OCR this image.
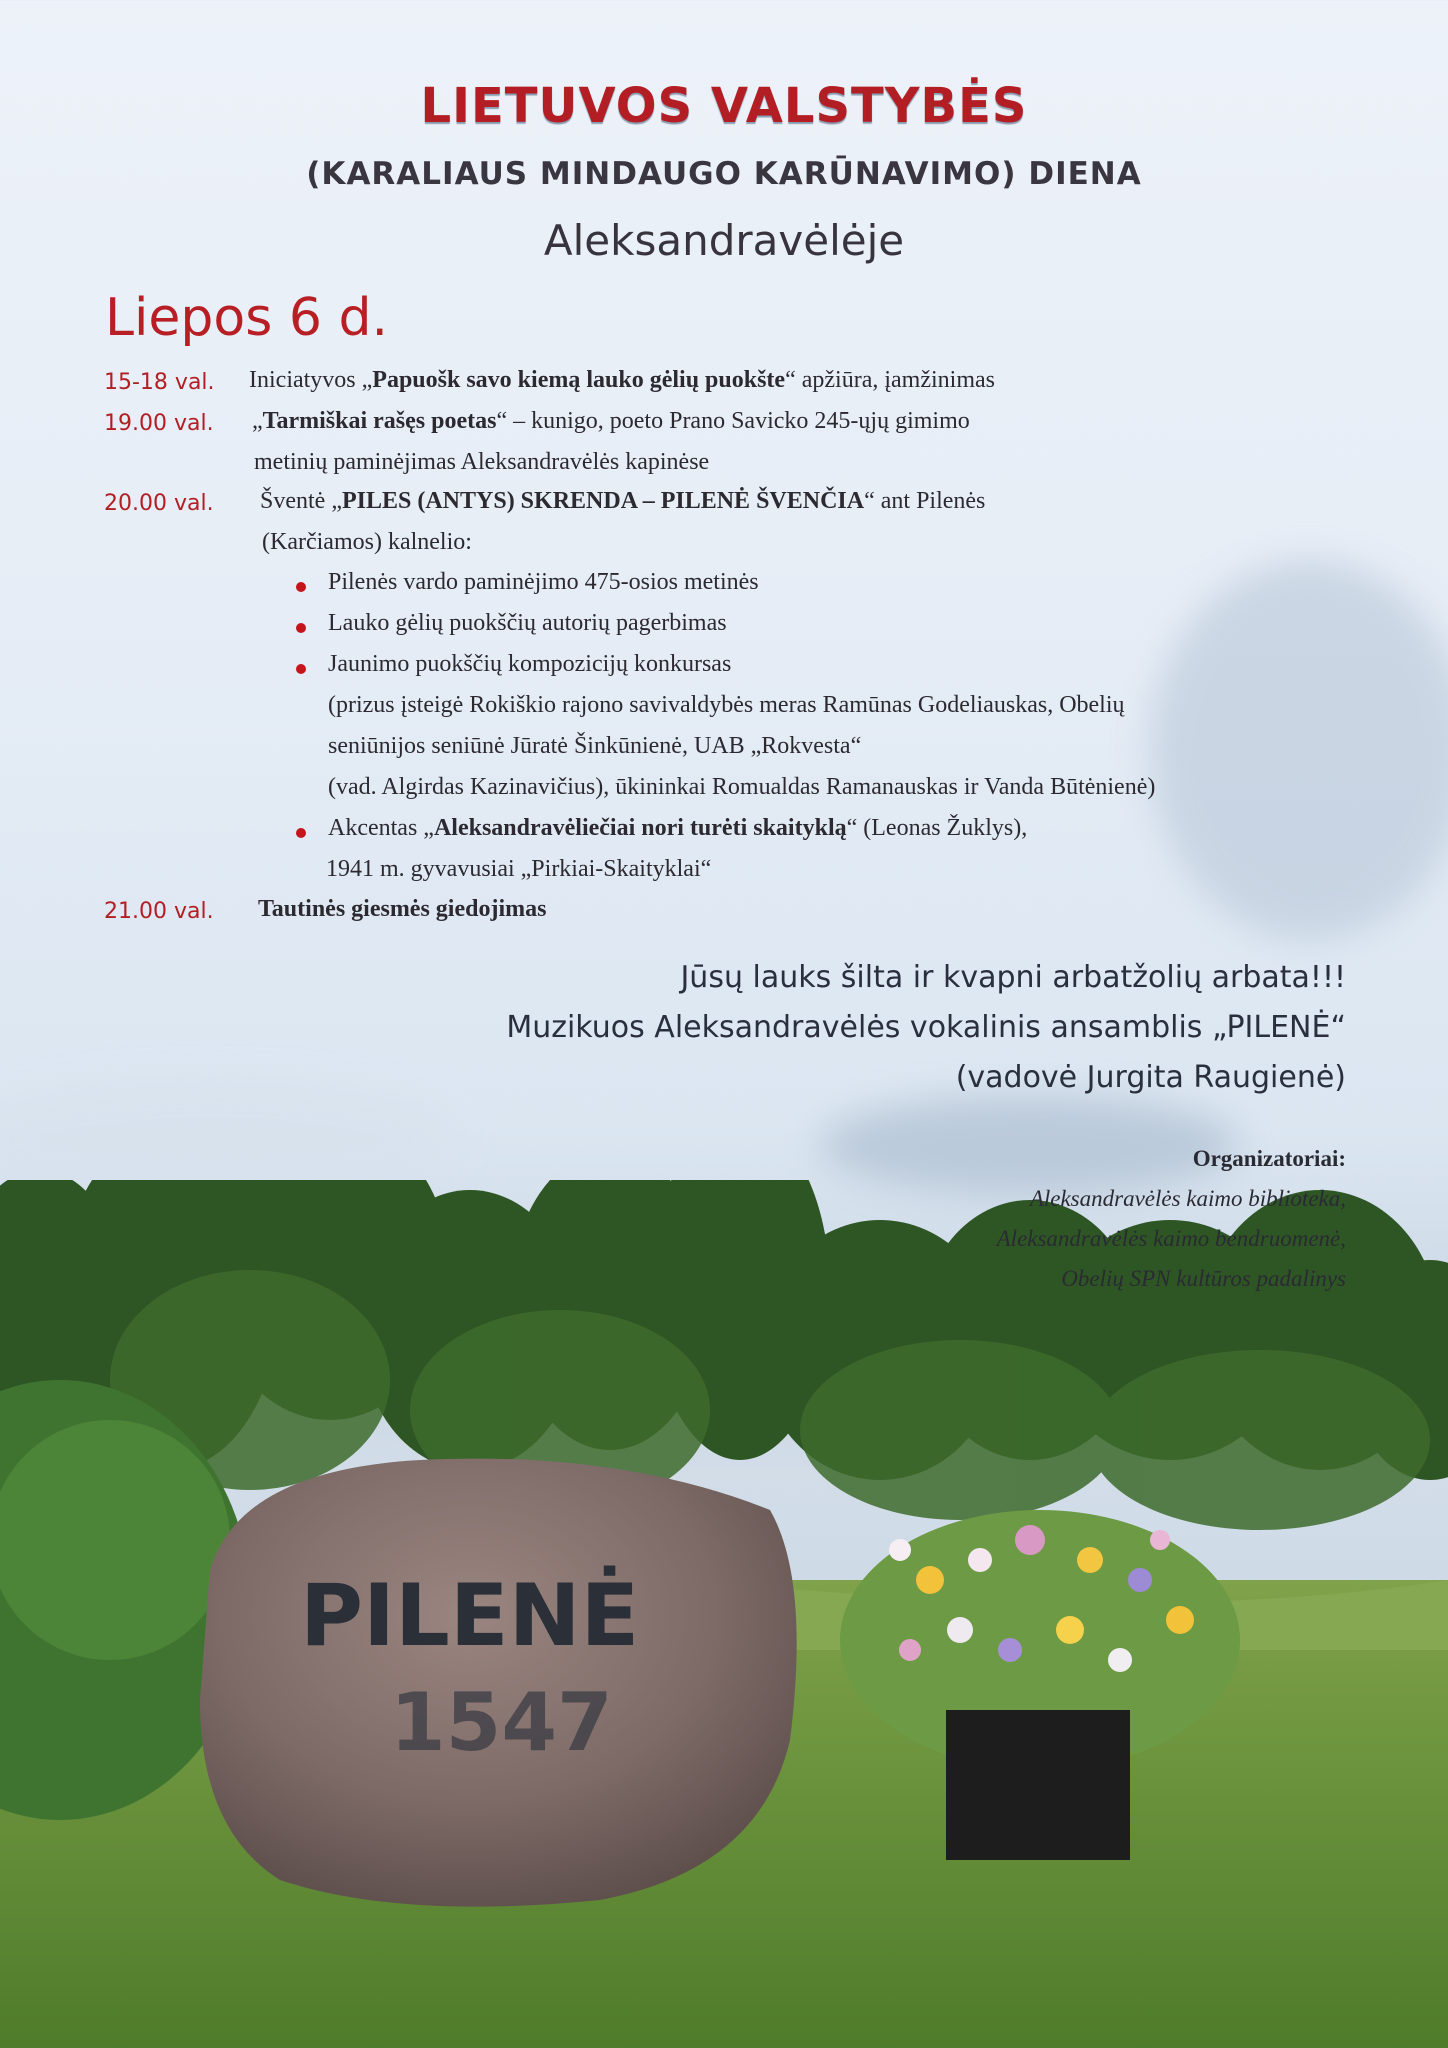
PILENĖ
1547
LIETUVOS VALSTYBĖS
(KARALIAUS MINDAUGO KARŪNAVIMO) DIENA
Aleksandravėlėje
Liepos 6 d.
15-18 val. Iniciatyvos „Papuošk savo kiemą lauko gėlių puokšte“ apžiūra, įamžinimas
19.00 val. „Tarmiškai rašęs poetas“ – kunigo, poeto Prano Savicko 245-ųjų gimimo
metinių paminėjimas Aleksandravėlės kapinėse
20.00 val. Šventė „PILES (ANTYS) SKRENDA – PILENĖ ŠVENČIA“ ant Pilenės
(Karčiamos) kalnelio:
Pilenės vardo paminėjimo 475-osios metinės
Lauko gėlių puokščių autorių pagerbimas
Jaunimo puokščių kompozicijų konkursas
(prizus įsteigė Rokiškio rajono savivaldybės meras Ramūnas Godeliauskas, Obelių
seniūnijos seniūnė Jūratė Šinkūnienė, UAB „Rokvesta“
(vad. Algirdas Kazinavičius), ūkininkai Romualdas Ramanauskas ir Vanda Būtėnienė)
Akcentas „Aleksandravėliečiai nori turėti skaityklą“ (Leonas Žuklys),
1941 m. gyvavusiai „Pirkiai-Skaityklai“
21.00 val. Tautinės giesmės giedojimas
Jūsų lauks šilta ir kvapni arbatžolių arbata!!!
Muzikuos Aleksandravėlės vokalinis ansamblis „PILENĖ“
(vadovė Jurgita Raugienė)
Organizatoriai:
Aleksandravėlės kaimo biblioteka,
Aleksandravėlės kaimo bendruomenė,
Obelių SPN kultūros padalinys
